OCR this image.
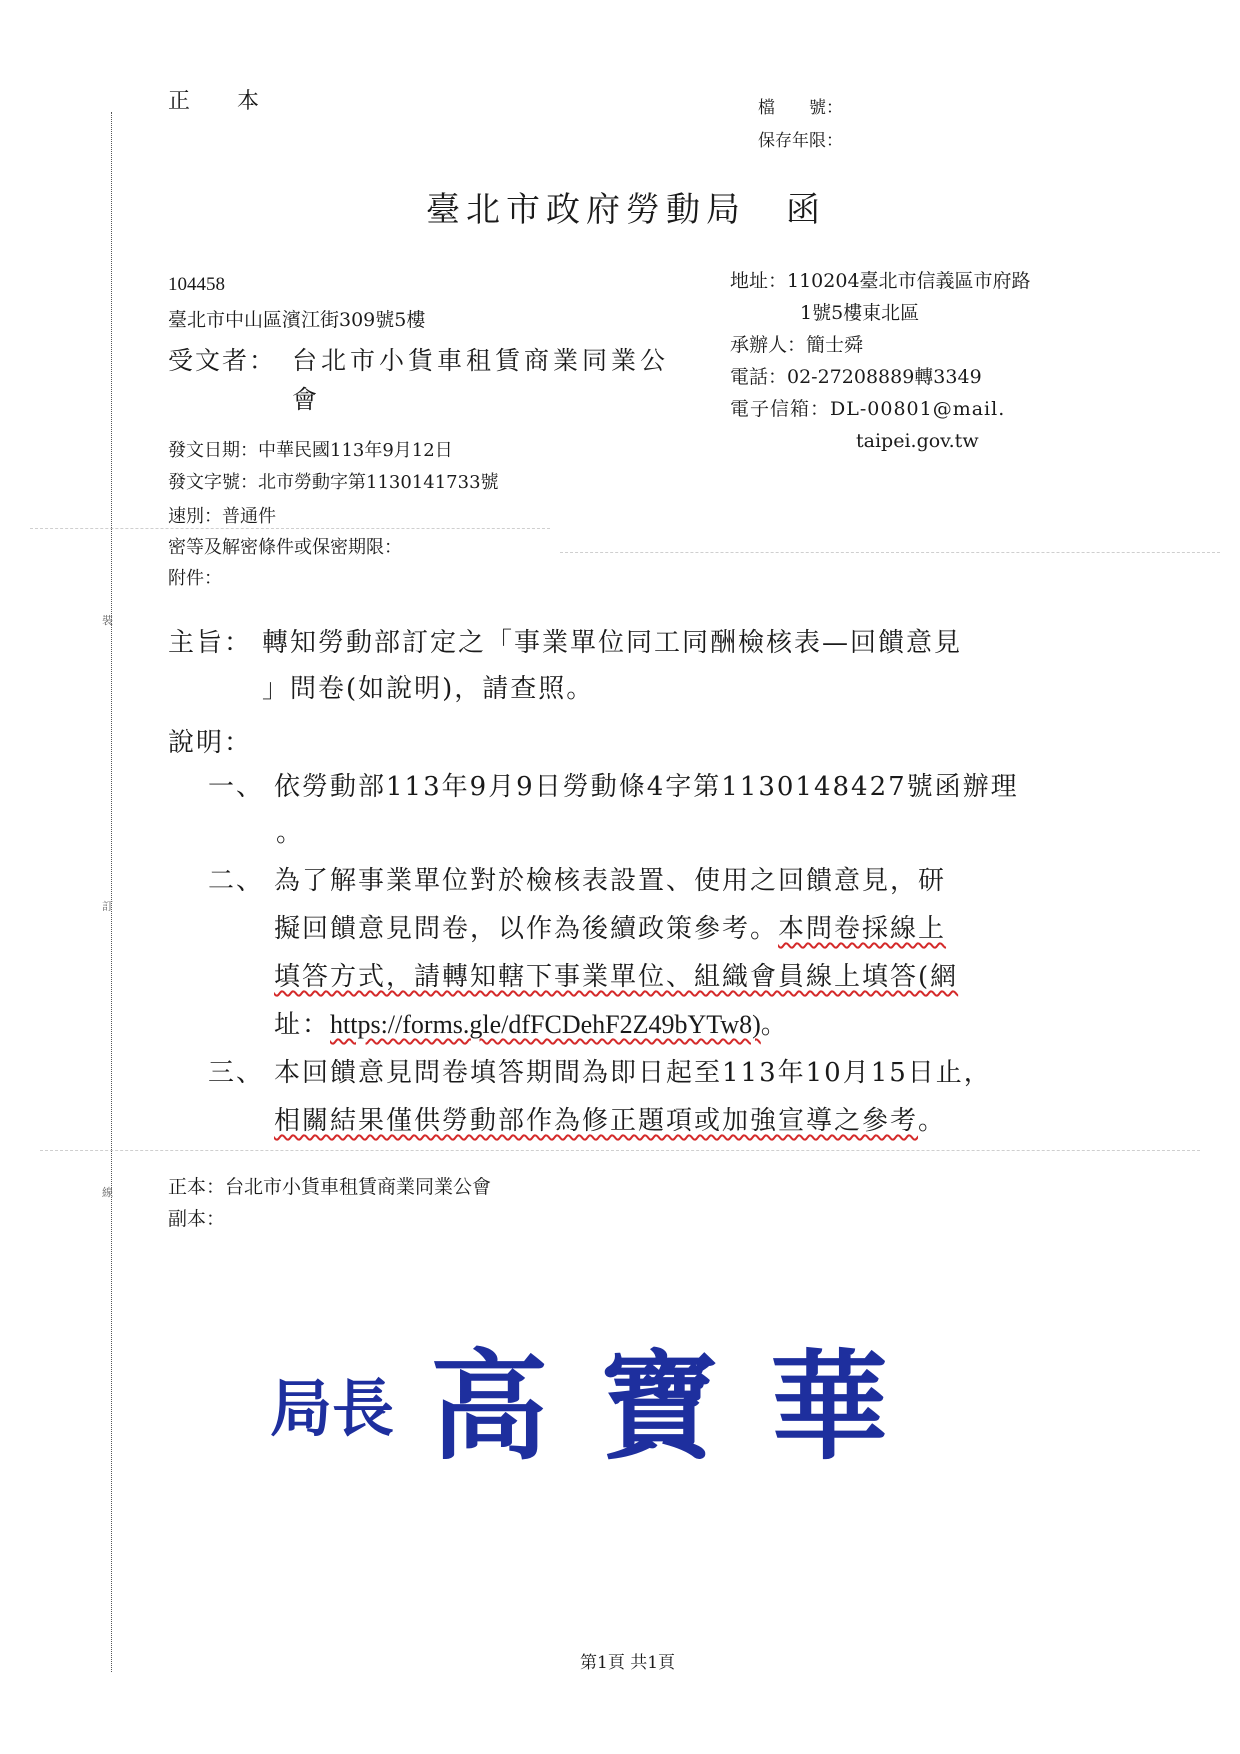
裝
訂
線
正 本	檔　　號：
保存年限：
臺北市政府勞動局　函
104458
臺北市中山區濱江街309號5樓
受文者： 台北市小貨車租賃商業同業公
會
地址：110204臺北市信義區市府路
1號5樓東北區
承辦人：簡士舜
電話：02-27208889轉3349
電子信箱：DL-00801@mail.
taipei.gov.tw
發文日期：中華民國113年9月12日
發文字號：北市勞動字第1130141733號
速別：普通件
密等及解密條件或保密期限：
附件：
主旨： 轉知勞動部訂定之「事業單位同工同酬檢核表—回饋意見
」問卷(如說明)，請查照。
說明：
一、 依勞動部113年9月9日勞動條4字第1130148427號函辦理
。
二、 為了解事業單位對於檢核表設置、使用之回饋意見，研
擬回饋意見問卷，以作為後續政策參考。本問卷採線上
填答方式，請轉知轄下事業單位、組織會員線上填答(網
址：https://forms.gle/dfFCDehF2Z49bYTw8)。
三、 本回饋意見問卷填答期間為即日起至113年10月15日止，
相關結果僅供勞動部作為修正題項或加強宣導之參考。
正本：台北市小貨車租賃商業同業公會
副本：
局長 高 寶 華
第1頁 共1頁
